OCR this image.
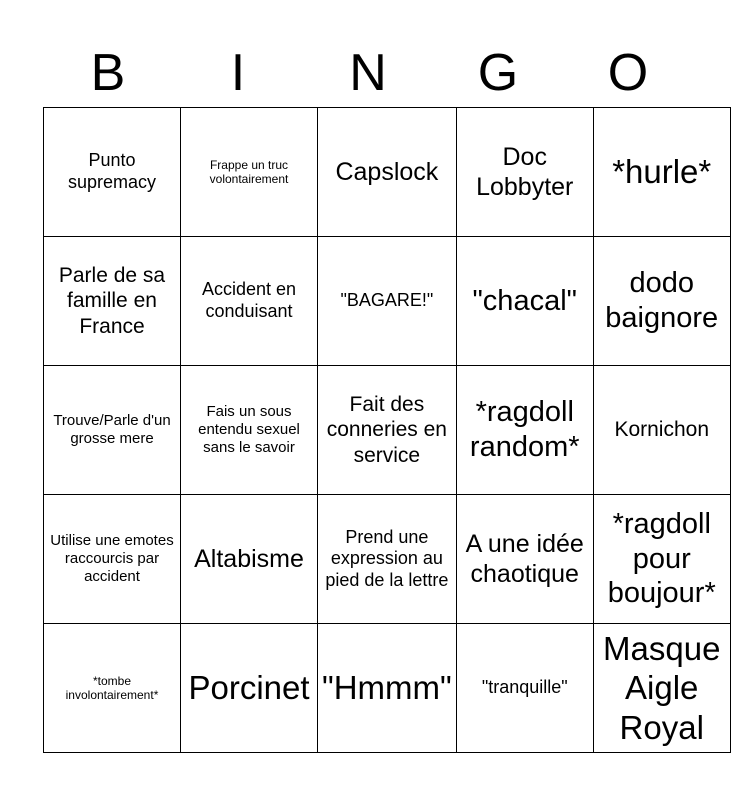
B	I	N	G	O
Punto supremacy	Frappe un truc volontairement	Capslock	Doc Lobbyter	*hurle*
Parle de sa famille en France	Accident en conduisant	"BAGARE!"	"chacal"	dodo baignore
Trouve/Parle d'un grosse mere	Fais un sous entendu sexuel sans le savoir	Fait des conneries en service	*ragdoll random*	Kornichon
Utilise une emotes raccourcis par accident	Altabisme	Prend une expression au pied de la lettre	A une idée chaotique	*ragdoll pour boujour*
*tombe involontairement*	Porcinet	"Hmmm"	"tranquille"	Masque Aigle Royal
